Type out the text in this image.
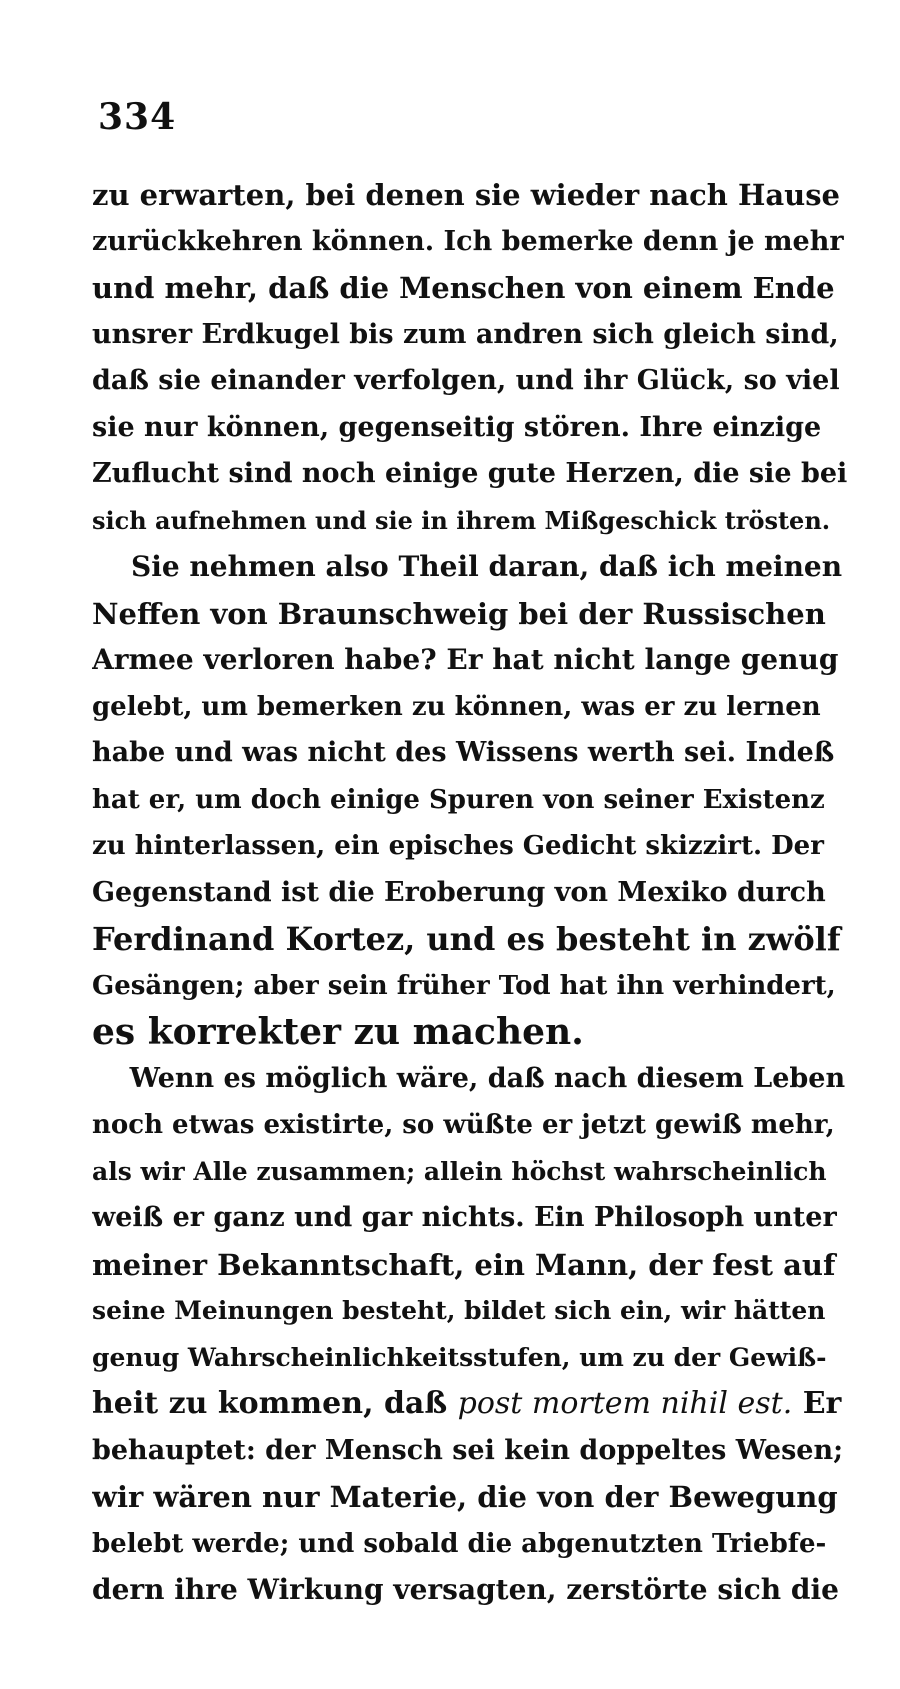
334
zu erwarten, bei denen sie wieder nach Hause
zurückkehren können. Ich bemerke denn je mehr
und mehr, daß die Menschen von einem Ende
unsrer Erdkugel bis zum andren sich gleich sind,
daß sie einander verfolgen, und ihr Glück, so viel
sie nur können, gegenseitig stören. Ihre einzige
Zuflucht sind noch einige gute Herzen, die sie bei
sich aufnehmen und sie in ihrem Mißgeschick trösten.
Sie nehmen also Theil daran, daß ich meinen
Neffen von Braunschweig bei der Russischen
Armee verloren habe? Er hat nicht lange genug
gelebt, um bemerken zu können, was er zu lernen
habe und was nicht des Wissens werth sei. Indeß
hat er, um doch einige Spuren von seiner Existenz
zu hinterlassen, ein episches Gedicht skizzirt. Der
Gegenstand ist die Eroberung von Mexiko durch
Ferdinand Kortez, und es besteht in zwölf
Gesängen; aber sein früher Tod hat ihn verhindert,
es korrekter zu machen.
Wenn es möglich wäre, daß nach diesem Leben
noch etwas existirte, so wüßte er jetzt gewiß mehr,
als wir Alle zusammen; allein höchst wahrscheinlich
weiß er ganz und gar nichts. Ein Philosoph unter
meiner Bekanntschaft, ein Mann, der fest auf
seine Meinungen besteht, bildet sich ein, wir hätten
genug Wahrscheinlichkeitsstufen, um zu der Gewiß-
heit zu kommen, daß post mortem nihil est. Er
behauptet: der Mensch sei kein doppeltes Wesen;
wir wären nur Materie, die von der Bewegung
belebt werde; und sobald die abgenutzten Triebfe-
dern ihre Wirkung versagten, zerstörte sich die
